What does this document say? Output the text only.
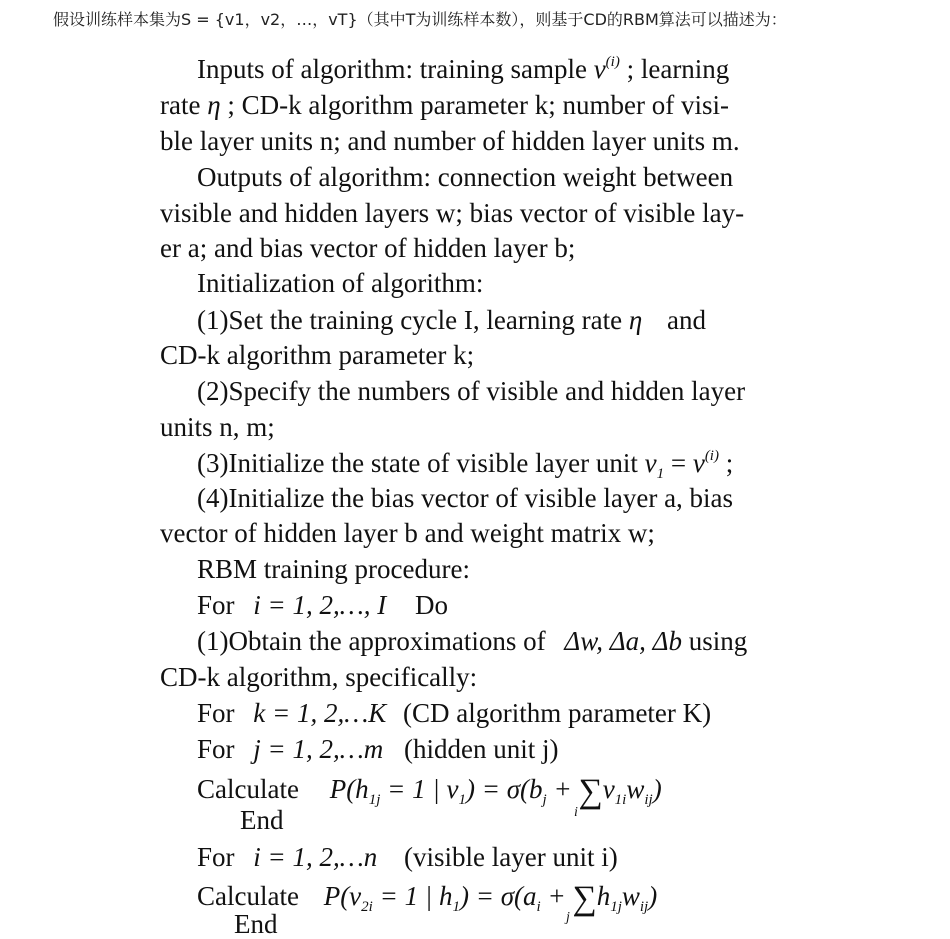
假设训练样本集为S = {v1，v2，…，vT}（其中T为训练样本数），则基于CD的RBM算法可以描述为：
Inputs of algorithm: training sample $v^{(i)}$ ; learning
rate η ; CD-k algorithm parameter k; number of visi-
ble layer units n; and number of hidden layer units m.
Outputs of algorithm: connection weight between
visible and hidden layers w; bias vector of visible lay-
er a; and bias vector of hidden layer b;
Initialization of algorithm:
(1)Set the training cycle I, learning rate η and
CD-k algorithm parameter k;
(2)Specify the numbers of visible and hidden layer
units n, m;
(3)Initialize the state of visible layer unit $v_1 = v^{(i)}$ ;
(4)Initialize the bias vector of visible layer a, bias
vector of hidden layer b and weight matrix w;
RBM training procedure:
For i = 1, 2,…, I Do
(1)Obtain the approximations of Δw, Δa, Δb using
CD-k algorithm, specifically:
For k = 1, 2,…K (CD algorithm parameter K)
For j = 1, 2,…m (hidden unit j)
Calculate $P(h_{1j} = 1$ | $v_1) = \sigma(b_j + \sum v_{1i}w_{ij})$
i
End
For i = 1, 2,…n (visible layer unit i)
Calculate $P(v_{2i} = 1$ | $h_1) = \sigma(a_i + \sum h_{1j}w_{ij})$
j
End
